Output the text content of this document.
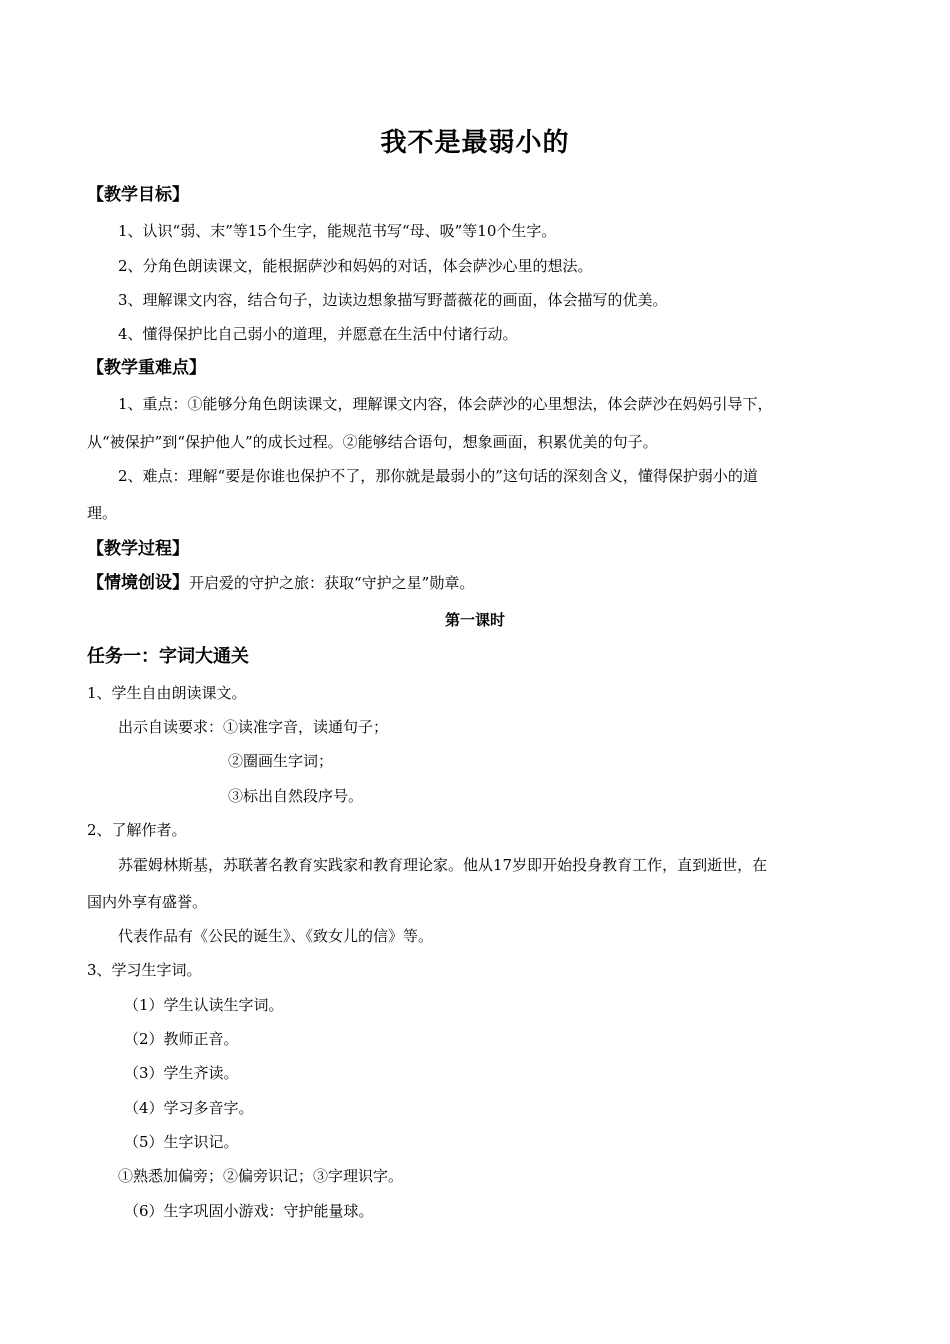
我不是最弱小的
【教学目标】
1、认识“弱、末”等15个生字，能规范书写“母、吸”等10个生字。
2、分角色朗读课文，能根据萨沙和妈妈的对话，体会萨沙心里的想法。
3、理解课文内容，结合句子，边读边想象描写野蔷薇花的画面，体会描写的优美。
4、懂得保护比自己弱小的道理，并愿意在生活中付诸行动。
【教学重难点】
1、重点：①能够分角色朗读课文，理解课文内容，体会萨沙的心里想法，体会萨沙在妈妈引导下，
从“被保护”到“保护他人”的成长过程。②能够结合语句，想象画面，积累优美的句子。
2、难点：理解“要是你谁也保护不了，那你就是最弱小的”这句话的深刻含义，懂得保护弱小的道
理。
【教学过程】
【情境创设】开启爱的守护之旅：获取“守护之星”勋章。
第一课时
任务一：字词大通关
1、学生自由朗读课文。
出示自读要求：①读准字音，读通句子；
②圈画生字词；
③标出自然段序号。
2、了解作者。
苏霍姆林斯基，苏联著名教育实践家和教育理论家。他从17岁即开始投身教育工作，直到逝世，在
国内外享有盛誉。
代表作品有《公民的诞生》、《致女儿的信》等。
3、学习生字词。
（1）学生认读生字词。
（2）教师正音。
（3）学生齐读。
（4）学习多音字。
（5）生字识记。
①熟悉加偏旁；②偏旁识记；③字理识字。
（6）生字巩固小游戏：守护能量球。
